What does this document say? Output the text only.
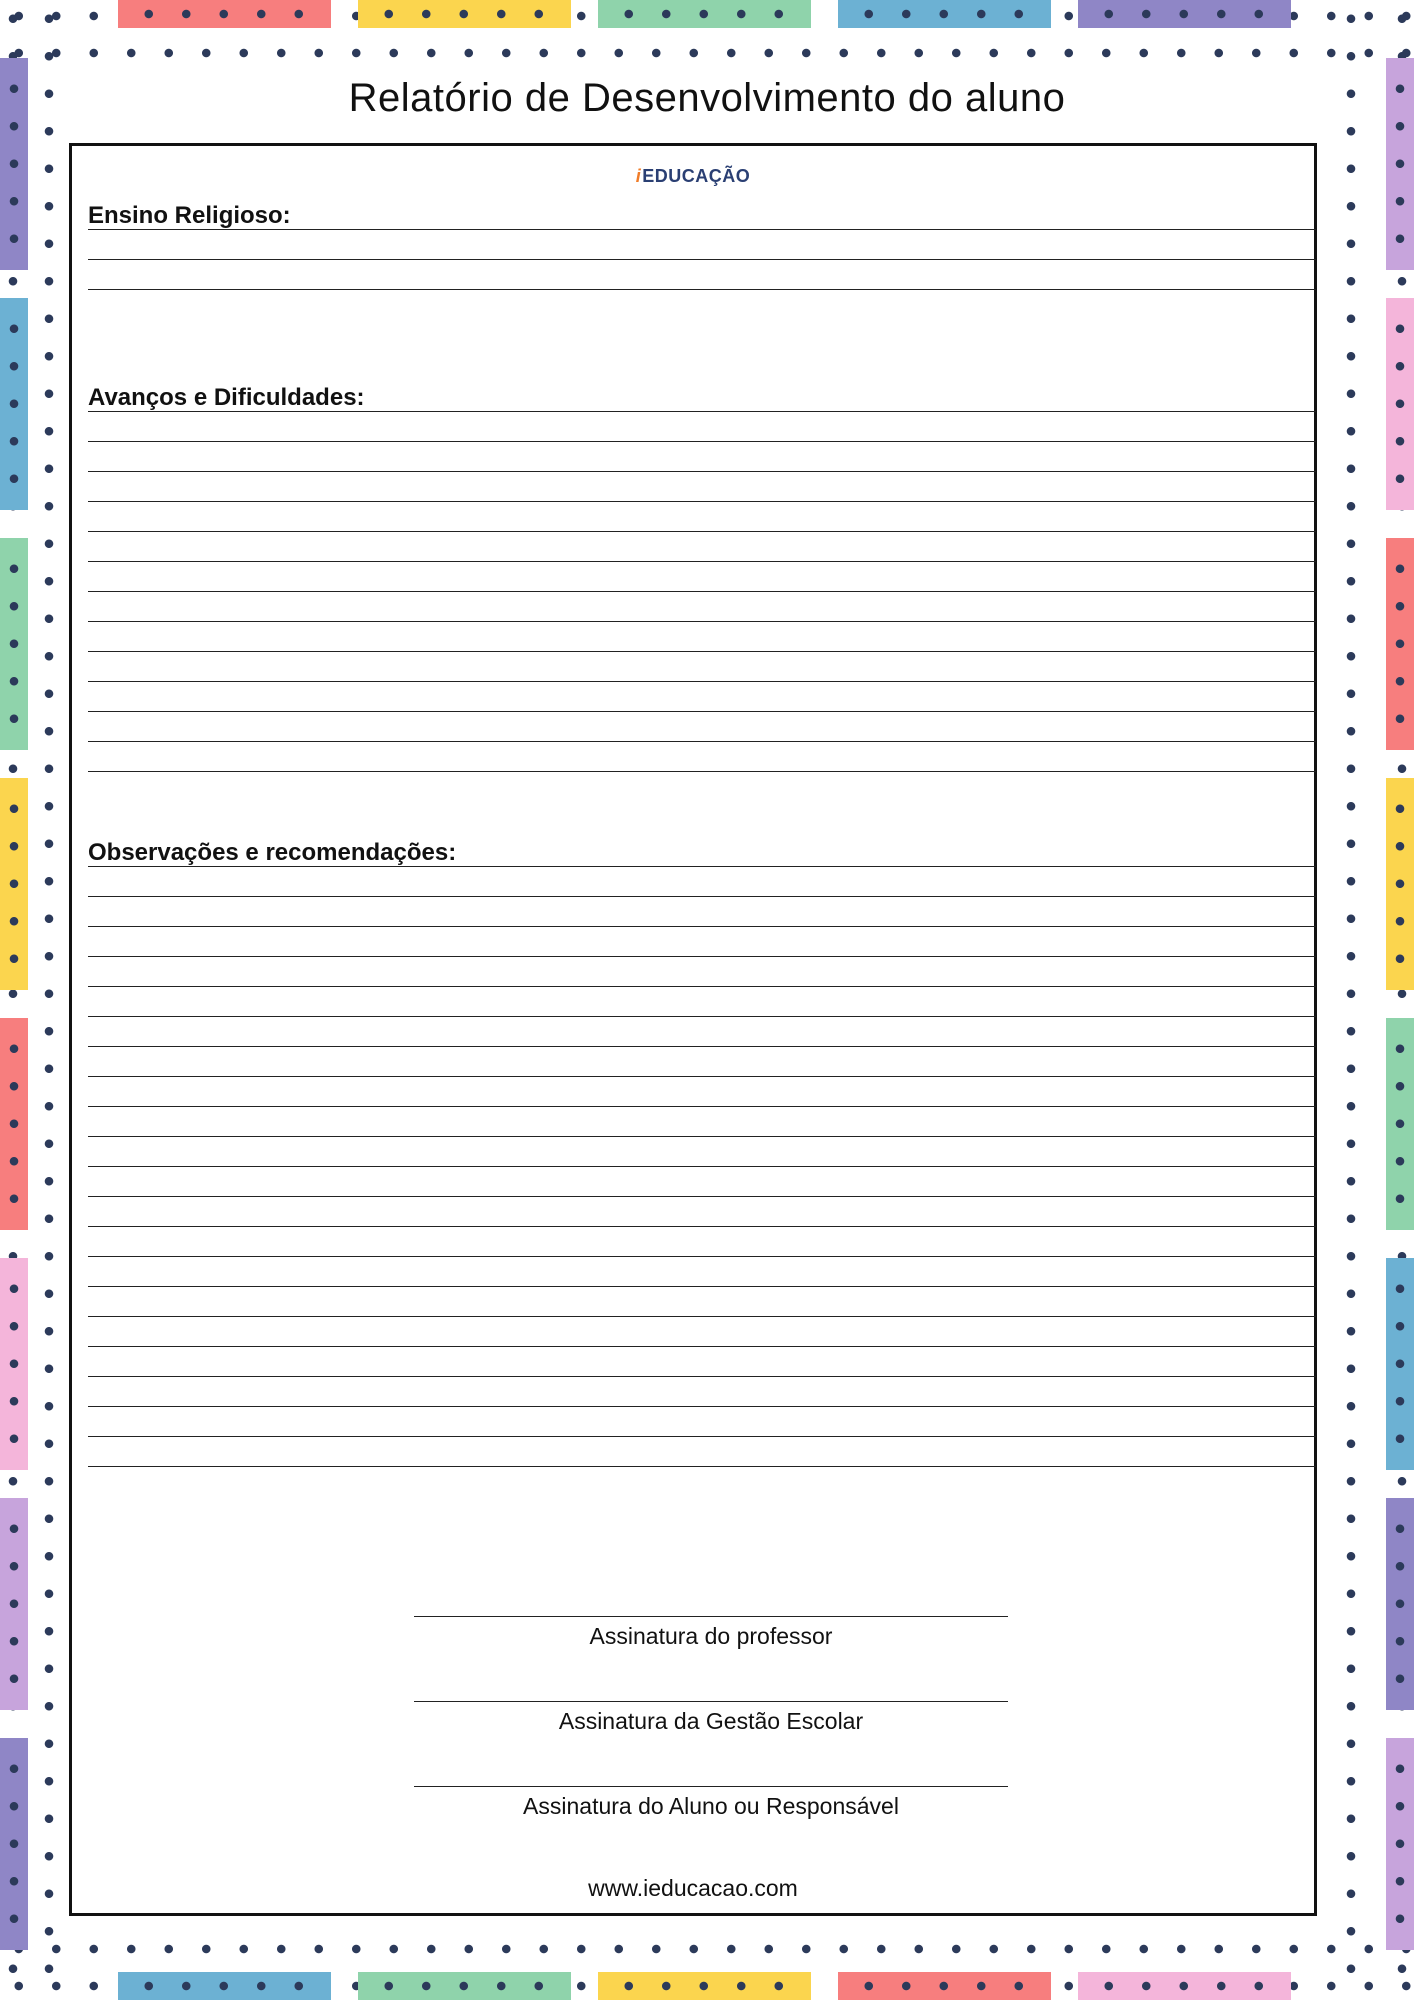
Relatório de Desenvolvimento do aluno
iEDUCAÇÃO
Ensino Religioso:
Avanços e Dificuldades:
Observações e recomendações:
Assinatura do professor
Assinatura da Gestão Escolar
Assinatura do Aluno ou Responsável
www.ieducacao.com
